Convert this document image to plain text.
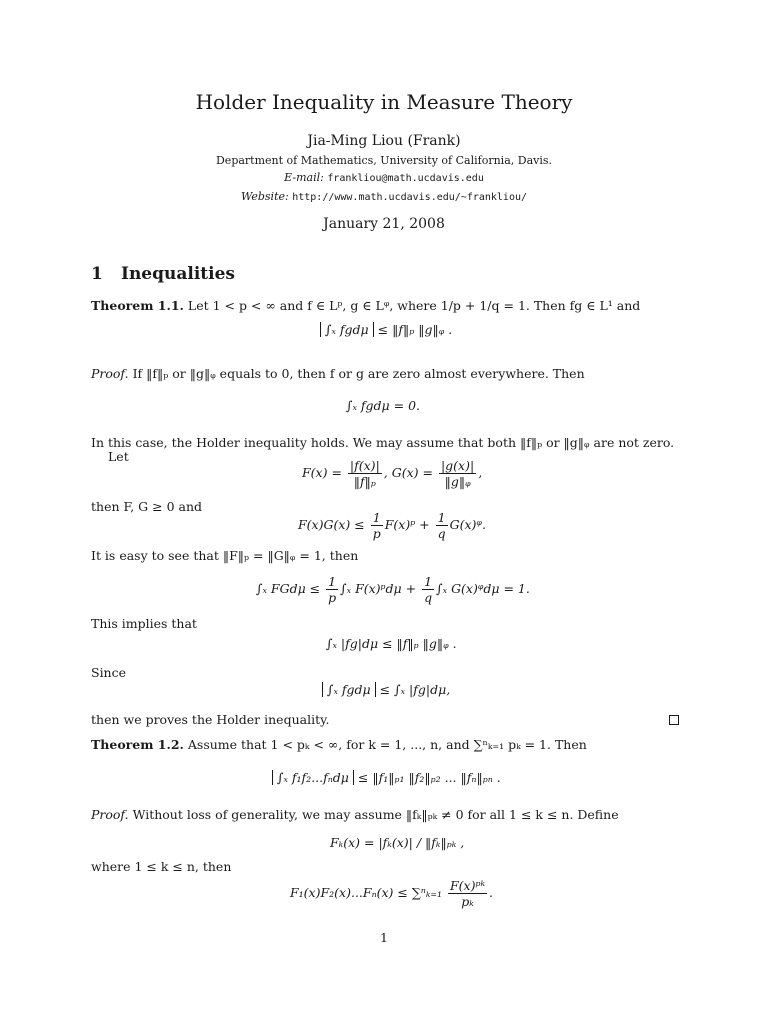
Holder Inequality in Measure Theory
Jia-Ming Liou (Frank)
Department of Mathematics, University of California, Davis.
E-mail: frankliou@math.ucdavis.edu
Website: http://www.math.ucdavis.edu/~frankliou/
January 21, 2008
1 Inequalities
Theorem 1.1. Let 1 < p < ∞ and f ∈ Lᵖ, g ∈ Lᵠ, where 1/p + 1/q = 1. Then fg ∈ L¹ and
∫ₓ fgdμ ≤ ‖f‖ₚ ‖g‖ᵩ .
Proof. If ‖f‖ₚ or ‖g‖ᵩ equals to 0, then f or g are zero almost everywhere. Then
∫ₓ fgdμ = 0.
In this case, the Holder inequality holds. We may assume that both ‖f‖ₚ or ‖g‖ᵩ are not zero.
Let
$F(x) = \frac{|f(x)|}{\text{‖f‖ₚ}}$ , $G(x) = \frac{|g(x)|}{\text{‖g‖ᵩ}}$ ,
then F, G ≥ 0 and
$F(x)G(x) \le \frac{1}{p}$ F(x)ᵖ + $\frac{1}{q}$ G(x)ᵠ.
It is easy to see that ‖F‖ₚ = ‖G‖ᵩ = 1, then
∫ₓ $FGd\mu \le \frac{1}{p} \int_x$ F(x)ᵖdμ + $\frac{1}{q} \int_x$ G(x)ᵠdμ = 1.
This implies that
∫ₓ |fg|dμ ≤ ‖f‖ₚ ‖g‖ᵩ .
Since
∫ₓ fgdμ ≤ ∫ₓ |fg|dμ,
then we proves the Holder inequality.
Theorem 1.2. Assume that 1 < pₖ < ∞, for k = 1, ..., n, and ∑ⁿₖ₌₁ pₖ = 1. Then
∫ₓ f₁f₂...fₙdμ ≤ ‖f₁‖ₚ₁ ‖f₂‖ₚ₂ ... ‖fₙ‖ₚₙ .
Proof. Without loss of generality, we may assume ‖fₖ‖ₚₖ ≠ 0 for all 1 ≤ k ≤ n. Define
Fₖ(x) = |fₖ(x)| / ‖fₖ‖ₚₖ ,
where 1 ≤ k ≤ n, then
$F_1(x)F_2(x)...F_n(x) \le \sum^n_{k=1} \frac{\text{F(x)ᵖᵏ}}{\text{pₖ}}$ .
1
